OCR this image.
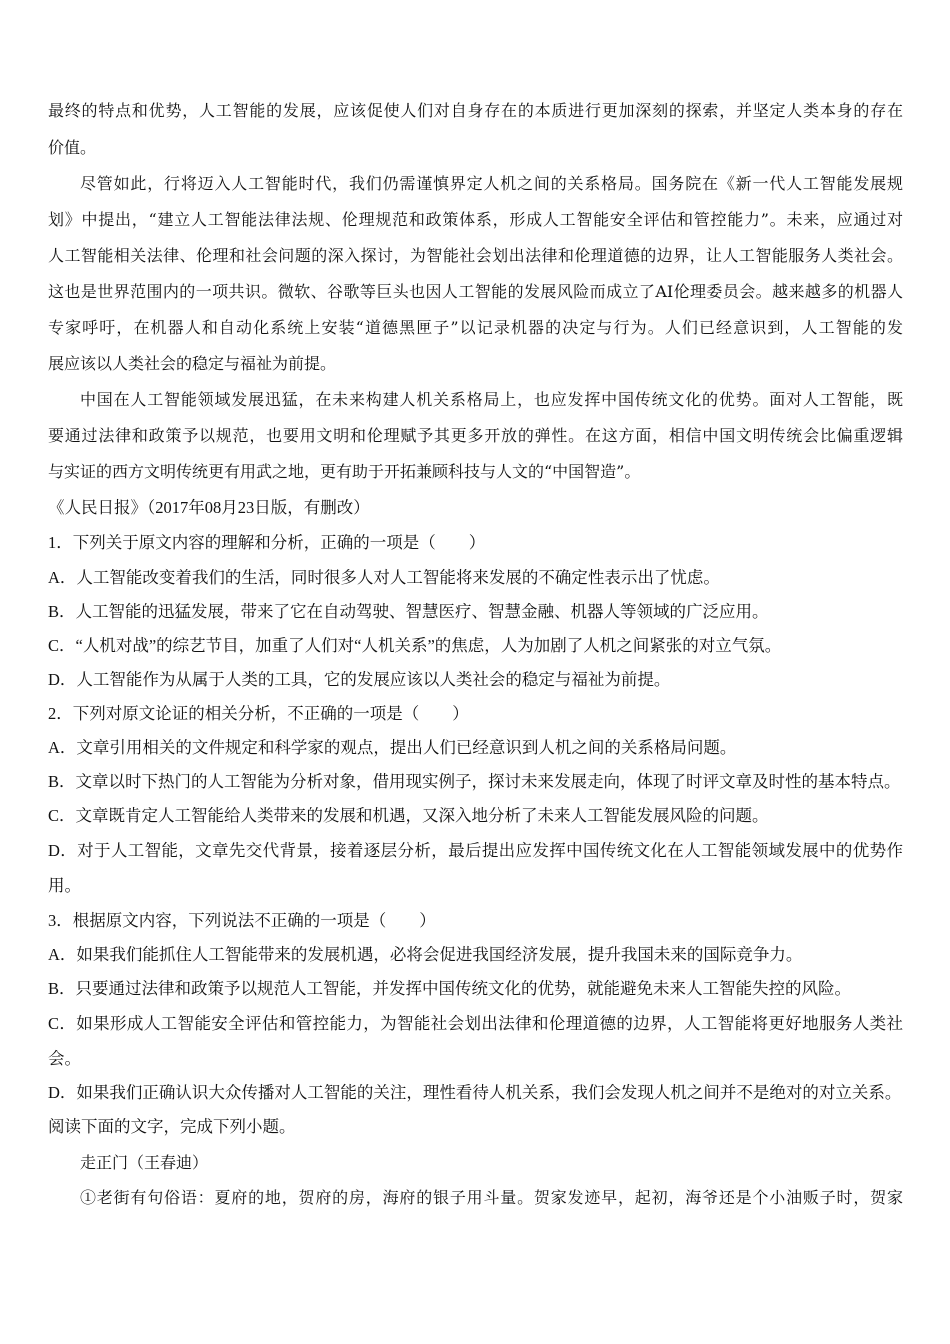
最终的特点和优势，人工智能的发展，应该促使人们对自身存在的本质进行更加深刻的探索，并坚定人类本身的存在
价值。
尽管如此，行将迈入人工智能时代，我们仍需谨慎界定人机之间的关系格局。国务院在《新一代人工智能发展规
划》中提出，“建立人工智能法律法规、伦理规范和政策体系，形成人工智能安全评估和管控能力”。未来，应通过对
人工智能相关法律、伦理和社会问题的深入探讨，为智能社会划出法律和伦理道德的边界，让人工智能服务人类社会。
这也是世界范围内的一项共识。微软、谷歌等巨头也因人工智能的发展风险而成立了AI伦理委员会。越来越多的机器人
专家呼吁，在机器人和自动化系统上安装“道德黑匣子”以记录机器的决定与行为。人们已经意识到，人工智能的发
展应该以人类社会的稳定与福祉为前提。
中国在人工智能领域发展迅猛，在未来构建人机关系格局上，也应发挥中国传统文化的优势。面对人工智能，既
要通过法律和政策予以规范，也要用文明和伦理赋予其更多开放的弹性。在这方面，相信中国文明传统会比偏重逻辑
与实证的西方文明传统更有用武之地，更有助于开拓兼顾科技与人文的“中国智造”。
《人民日报》（2017年08月23日版，有删改）
1．下列关于原文内容的理解和分析，正确的一项是（　　）
A．人工智能改变着我们的生活，同时很多人对人工智能将来发展的不确定性表示出了忧虑。
B．人工智能的迅猛发展，带来了它在自动驾驶、智慧医疗、智慧金融、机器人等领域的广泛应用。
C．“人机对战”的综艺节目，加重了人们对“人机关系”的焦虑，人为加剧了人机之间紧张的对立气氛。
D．人工智能作为从属于人类的工具，它的发展应该以人类社会的稳定与福祉为前提。
2．下列对原文论证的相关分析，不正确的一项是（　　）
A．文章引用相关的文件规定和科学家的观点，提出人们已经意识到人机之间的关系格局问题。
B．文章以时下热门的人工智能为分析对象，借用现实例子，探讨未来发展走向，体现了时评文章及时性的基本特点。
C．文章既肯定人工智能给人类带来的发展和机遇，又深入地分析了未来人工智能发展风险的问题。
D．对于人工智能，文章先交代背景，接着逐层分析，最后提出应发挥中国传统文化在人工智能领域发展中的优势作
用。
3．根据原文内容，下列说法不正确的一项是（　　）
A．如果我们能抓住人工智能带来的发展机遇，必将会促进我国经济发展，提升我国未来的国际竞争力。
B．只要通过法律和政策予以规范人工智能，并发挥中国传统文化的优势，就能避免未来人工智能失控的风险。
C．如果形成人工智能安全评估和管控能力，为智能社会划出法律和伦理道德的边界，人工智能将更好地服务人类社
会。
D．如果我们正确认识大众传播对人工智能的关注，理性看待人机关系，我们会发现人机之间并不是绝对的对立关系。
阅读下面的文字，完成下列小题。
走正门（王春迪）
①老街有句俗语：夏府的地，贺府的房，海府的银子用斗量。贺家发迹早，起初，海爷还是个小油贩子时，贺家
